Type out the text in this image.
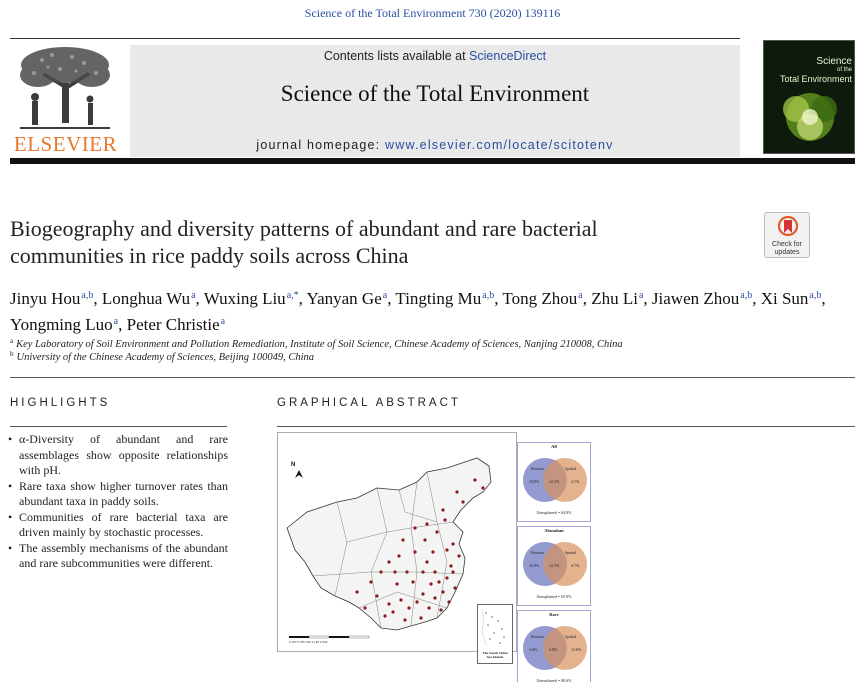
Science of the Total Environment 730 (2020) 139116
ELSEVIER
Contents lists available at ScienceDirect
Science of the Total Environment
journal homepage: www.elsevier.com/locate/scitotenv
Science
of the
Total Environment
Biogeography and diversity patterns of abundant and rare bacterial
communities in rice paddy soils across China	Check for
updates
Jinyu Hou$^{a,b}$, Longhua Wu$^a$, Wuxing Liu$^{a,*}$, Yanyan Ge$^a$, Tingting Mu$^{a,b}$, Tong Zhou$^a$, Zhu Li$^a$, Jiawen Zhou$^{a,b}$, Xi Sun$^{a,b}$, Yongming Luo$^a$, Peter Christie$^a$
$^a$ Key Laboratory of Soil Environment and Pollution Remediation, Institute of Soil Science, Chinese Academy of Sciences, Nanjing 210008, China
$^b$ University of the Chinese Academy of Sciences, Beijing 100049, China
HIGHLIGHTS	GRAPHICAL ABSTRACT
• α-Diversity of abundant and rare assemblages show opposite relationships with pH.
• Rare taxa show higher turnover rates than abundant taxa in paddy soils.
• Communities of rare bacterial taxa are driven mainly by stochastic processes.
• The assembly mechanisms of the abundant and rare subcommunities were different.
N
0 187.5 375 750 1,125 1,500
The South China
Sea Islands
All
Environ.	Spatial
19.0% 12.1%	4.1%
Unexplained = 64.8%
Abundant
Environ.	Spatial
16.9% 12.5%	4.7%
Unexplained = 65.9%
Rare
Environ.	Spatial
3.6%	3.8%	12.0%
Unexplained = 80.6%
